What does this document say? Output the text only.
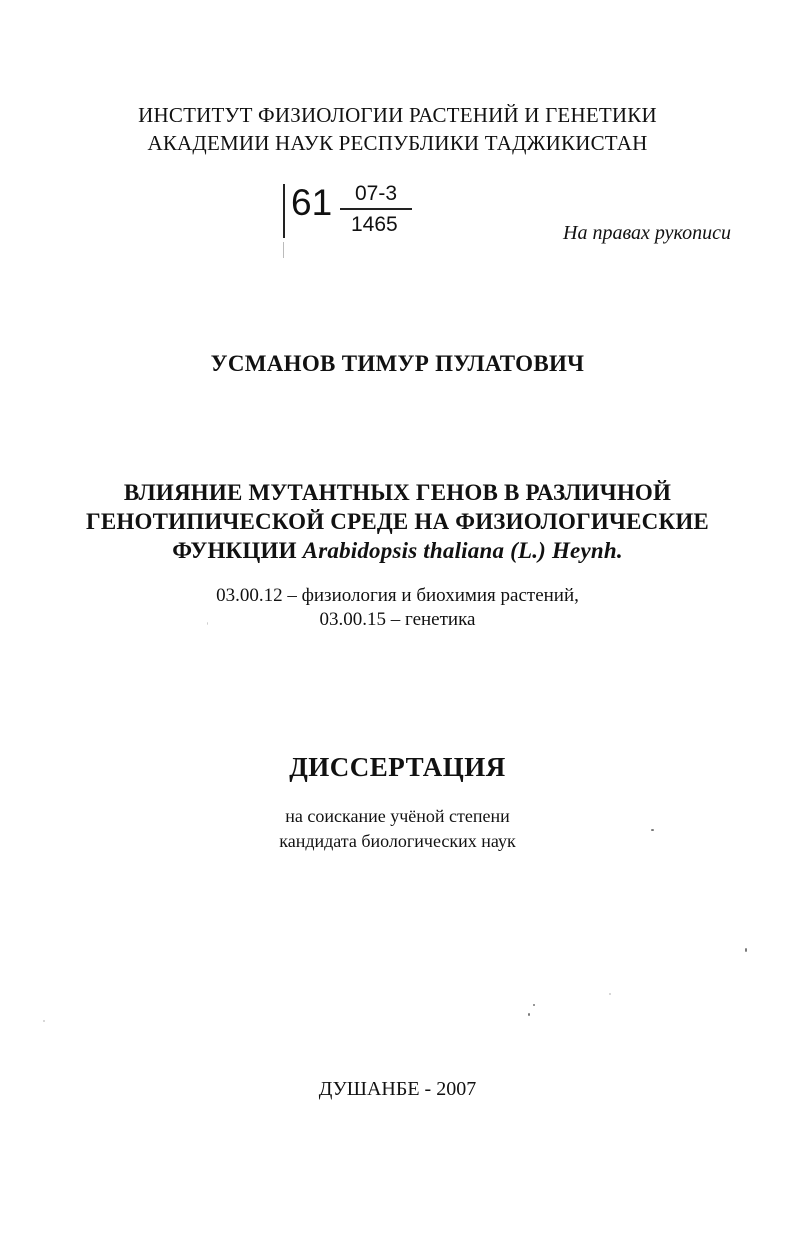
ИНСТИТУТ ФИЗИОЛОГИИ РАСТЕНИЙ И ГЕНЕТИКИ
АКАДЕМИИ НАУК РЕСПУБЛИКИ ТАДЖИКИСТАН
61 07-3
1465	На правах рукописи
УСМАНОВ ТИМУР ПУЛАТОВИЧ
ВЛИЯНИЕ МУТАНТНЫХ ГЕНОВ В РАЗЛИЧНОЙ
ГЕНОТИПИЧЕСКОЙ СРЕДЕ НА ФИЗИОЛОГИЧЕСКИЕ
ФУНКЦИИ Arabidopsis thaliana (L.) Heynh.
03.00.12 – физиология и биохимия растений,
03.00.15 – генетика
ДИССЕРТАЦИЯ
на соискание учёной степени
кандидата биологических наук
ДУШАНБЕ - 2007
